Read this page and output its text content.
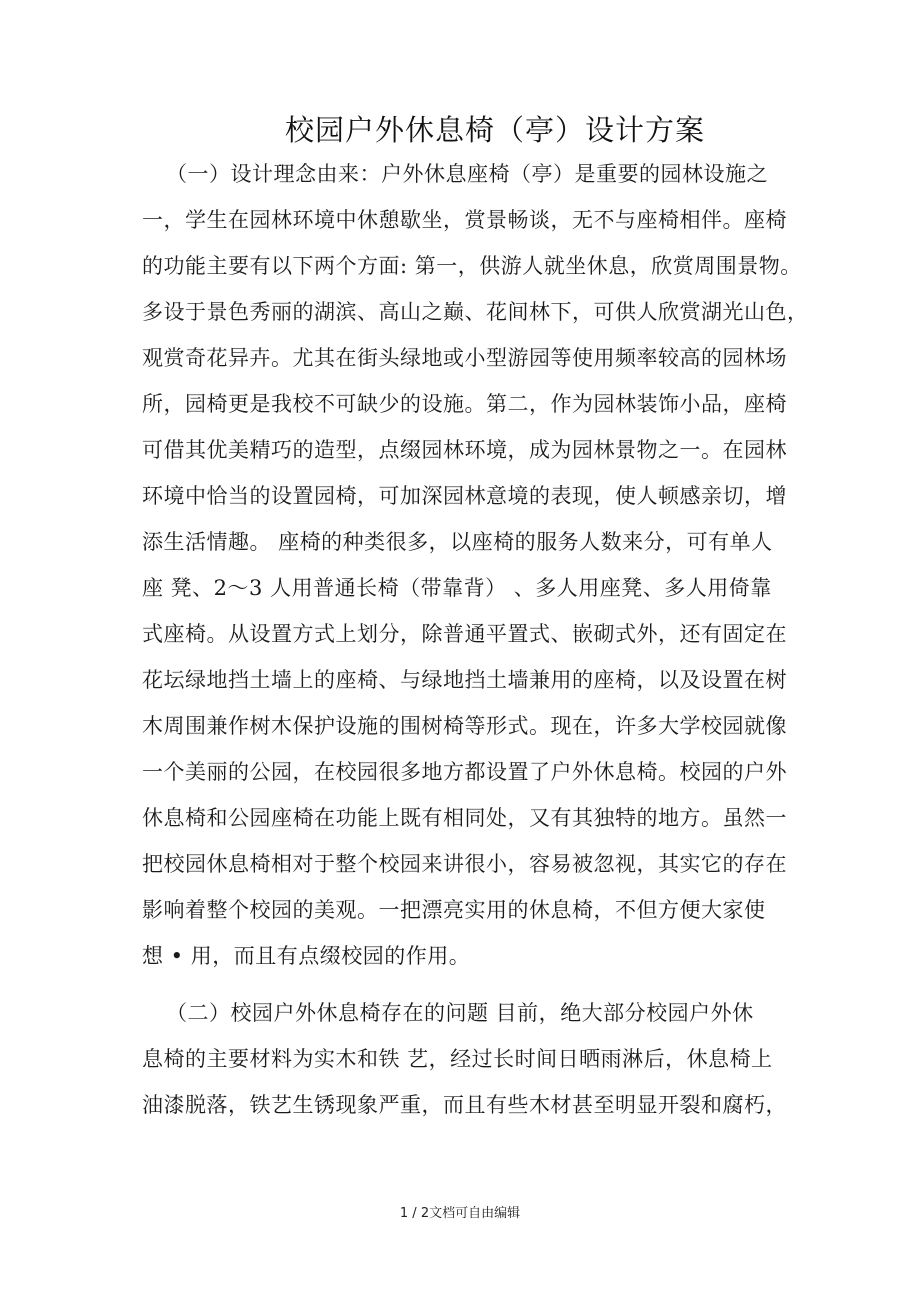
校园户外休息椅（亭）设计方案
（一）设计理念由来：户外休息座椅（亭）是重要的园林设施之
一，学生在园林环境中休憩歇坐，赏景畅谈，无不与座椅相伴。座椅
的功能主要有以下两个方面: 第一，供游人就坐休息，欣赏周围景物。
多设于景色秀丽的湖滨、高山之巅、花间林下，可供人欣赏湖光山色，
观赏奇花异卉。尤其在街头绿地或小型游园等使用频率较高的园林场
所，园椅更是我校不可缺少的设施。第二，作为园林装饰小品，座椅
可借其优美精巧的造型，点缀园林环境，成为园林景物之一。在园林
环境中恰当的设置园椅，可加深园林意境的表现，使人顿感亲切，增
添生活情趣。 座椅的种类很多，以座椅的服务人数来分，可有单人
座 凳、2～3 人用普通长椅（带靠背） 、多人用座凳、多人用倚靠
式座椅。从设置方式上划分，除普通平置式、嵌砌式外，还有固定在
花坛绿地挡土墙上的座椅、与绿地挡土墙兼用的座椅，以及设置在树
木周围兼作树木保护设施的围树椅等形式。现在，许多大学校园就像
一个美丽的公园，在校园很多地方都设置了户外休息椅。校园的户外
休息椅和公园座椅在功能上既有相同处，又有其独特的地方。虽然一
把校园休息椅相对于整个校园来讲很小，容易被忽视，其实它的存在
影响着整个校园的美观。一把漂亮实用的休息椅，不但方便大家使
想 • 用，而且有点缀校园的作用。
（二）校园户外休息椅存在的问题 目前，绝大部分校园户外休
息椅的主要材料为实木和铁 艺，经过长时间日晒雨淋后，休息椅上
油漆脱落，铁艺生锈现象严重，而且有些木材甚至明显开裂和腐朽，
1 / 2文档可自由编辑
